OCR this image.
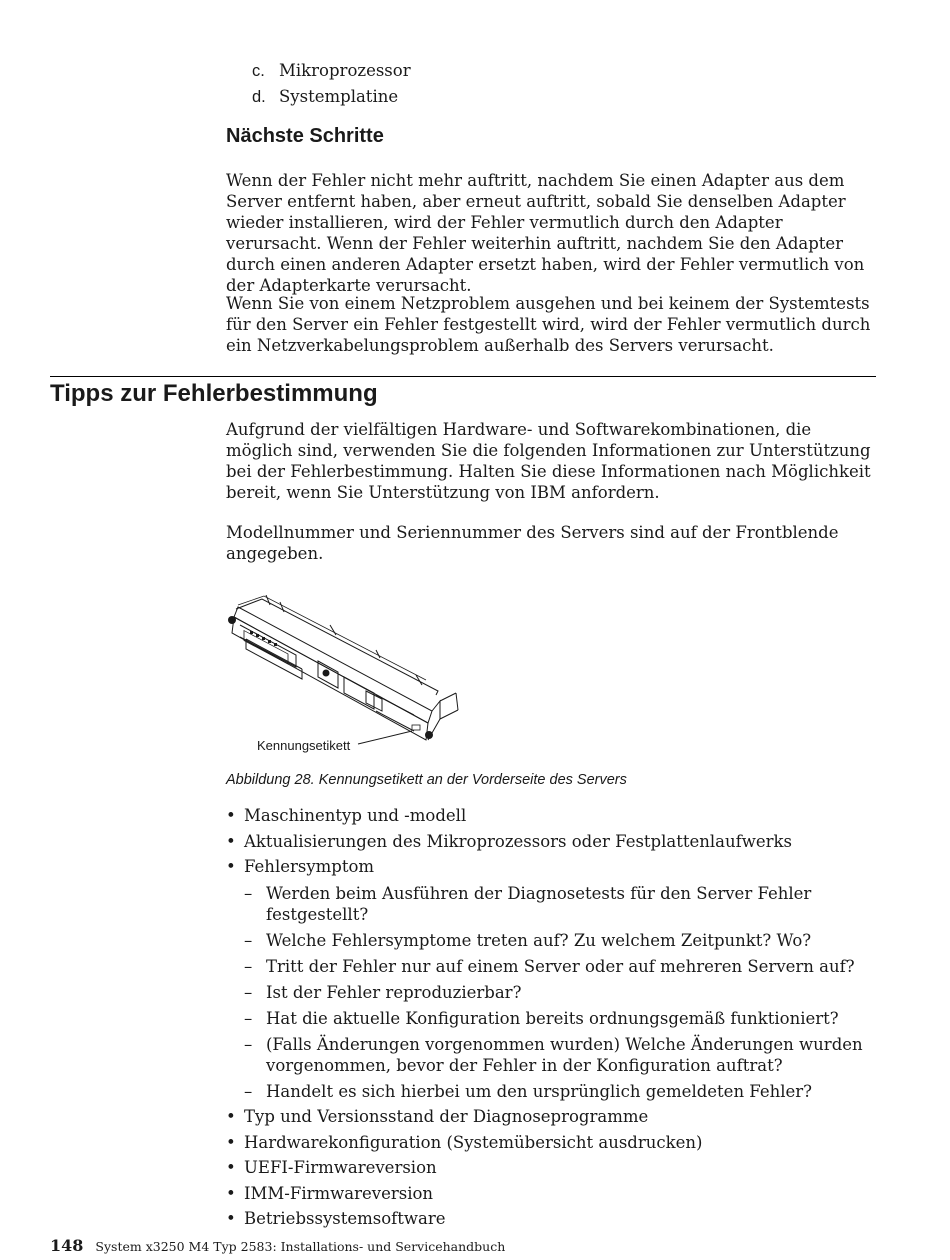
c. Mikroprozessor
d. Systemplatine
Nächste Schritte

Wenn der Fehler nicht mehr auftritt, nachdem Sie einen Adapter aus dem Server entfernt haben, aber erneut auftritt, sobald Sie denselben Adapter wieder installieren, wird der Fehler vermutlich durch den Adapter verursacht. Wenn der Fehler weiterhin auftritt, nachdem Sie den Adapter durch einen anderen Adapter ersetzt haben, wird der Fehler vermutlich von der Adapterkarte verursacht.

Wenn Sie von einem Netzproblem ausgehen und bei keinem der Systemtests für den Server ein Fehler festgestellt wird, wird der Fehler vermutlich durch ein Netzverkabelungsproblem außerhalb des Servers verursacht.

Tipps zur Fehlerbestimmung

Aufgrund der vielfältigen Hardware- und Softwarekombinationen, die möglich sind, verwenden Sie die folgenden Informationen zur Unterstützung bei der Fehlerbestimmung. Halten Sie diese Informationen nach Möglichkeit bereit, wenn Sie Unterstützung von IBM anfordern.

Modellnummer und Seriennummer des Servers sind auf der Frontblende angegeben.

Kennungsetikett

Abbildung 28. Kennungsetikett an der Vorderseite des Servers

• Maschinentyp und -modell
• Aktualisierungen des Mikroprozessors oder Festplattenlaufwerks
• Fehlersymptom
– Werden beim Ausführen der Diagnosetests für den Server Fehler festgestellt?
– Welche Fehlersymptome treten auf? Zu welchem Zeitpunkt? Wo?
– Tritt der Fehler nur auf einem Server oder auf mehreren Servern auf?
– Ist der Fehler reproduzierbar?
– Hat die aktuelle Konfiguration bereits ordnungsgemäß funktioniert?
– (Falls Änderungen vorgenommen wurden) Welche Änderungen wurden vorgenommen, bevor der Fehler in der Konfiguration auftrat?
– Handelt es sich hierbei um den ursprünglich gemeldeten Fehler?
• Typ und Versionsstand der Diagnoseprogramme
• Hardwarekonfiguration (Systemübersicht ausdrucken)
• UEFI-Firmwareversion
• IMM-Firmwareversion
• Betriebssystemsoftware
148 System x3250 M4 Typ 2583: Installations- und Servicehandbuch
